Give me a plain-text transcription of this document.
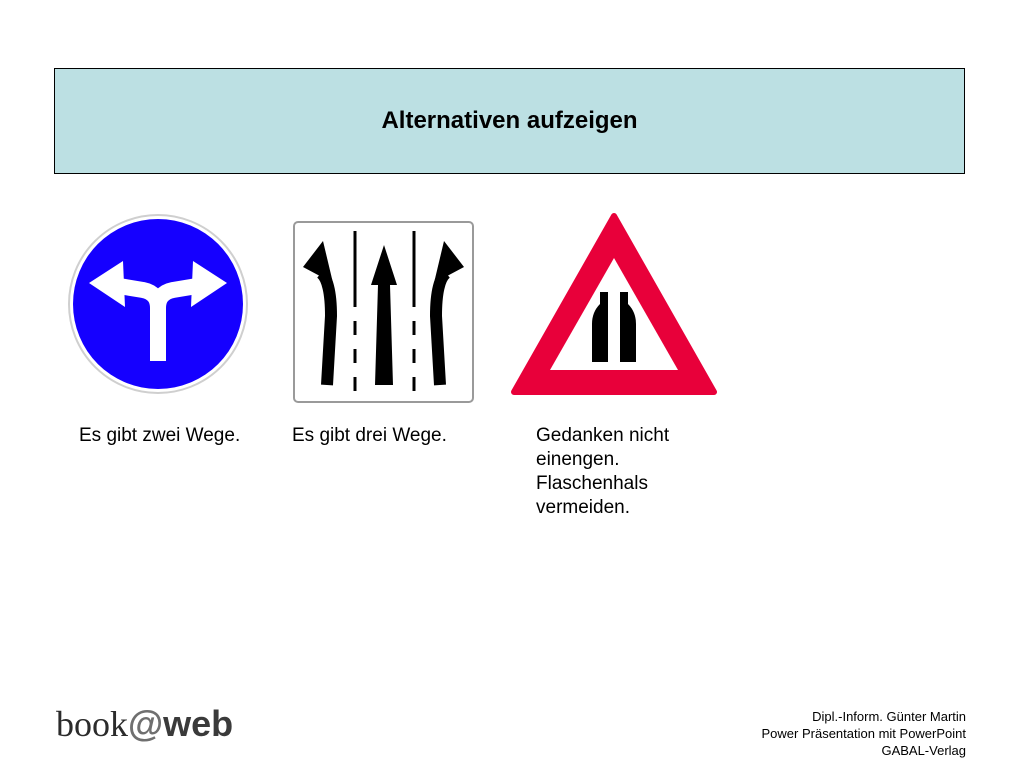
Alternativen aufzeigen
Es gibt zwei Wege.	Es gibt drei Wege.	Gedanken nicht
einengen.
Flaschenhals
vermeiden.
book@web	Dipl.-Inform. Günter Martin
Power Präsentation mit PowerPoint
GABAL-Verlag
